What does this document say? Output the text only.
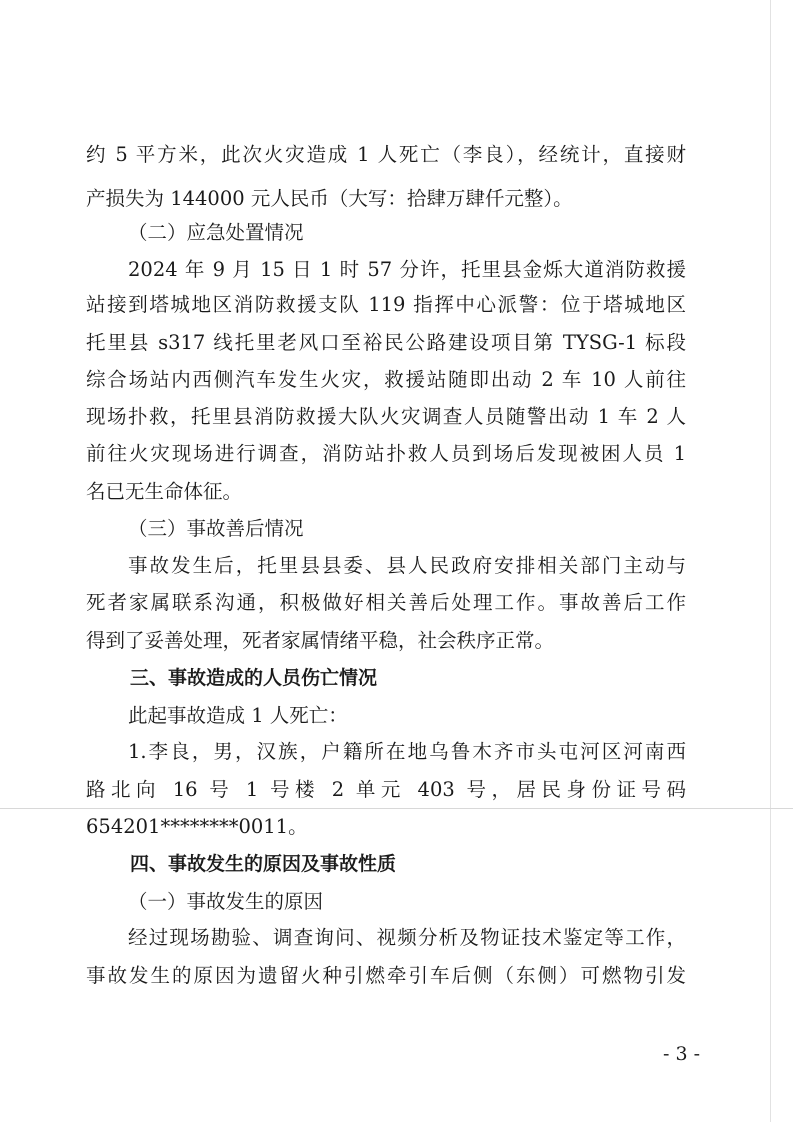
约 5 平方米，此次火灾造成 1 人死亡（李良），经统计，直接财
产损失为 144000 元人民币（大写：拾肆万肆仟元整）。
（二）应急处置情况
2024 年 9 月 15 日 1 时 57 分许，托里县金烁大道消防救援
站接到塔城地区消防救援支队 119 指挥中心派警：位于塔城地区
托里县 s317 线托里老风口至裕民公路建设项目第 TYSG-1 标段
综合场站内西侧汽车发生火灾，救援站随即出动 2 车 10 人前往
现场扑救，托里县消防救援大队火灾调查人员随警出动 1 车 2 人
前往火灾现场进行调查，消防站扑救人员到场后发现被困人员 1
名已无生命体征。
（三）事故善后情况
事故发生后，托里县县委、县人民政府安排相关部门主动与
死者家属联系沟通，积极做好相关善后处理工作。事故善后工作
得到了妥善处理，死者家属情绪平稳，社会秩序正常。
三、事故造成的人员伤亡情况
此起事故造成 1 人死亡：
1.李良，男，汉族，户籍所在地乌鲁木齐市头屯河区河南西
路北向 16 号 1 号楼 2 单元 403 号，居民身份证号码
654201********0011。
四、事故发生的原因及事故性质
（一）事故发生的原因
经过现场勘验、调查询问、视频分析及物证技术鉴定等工作，
事故发生的原因为遗留火种引燃牵引车后侧（东侧）可燃物引发
- 3 -
